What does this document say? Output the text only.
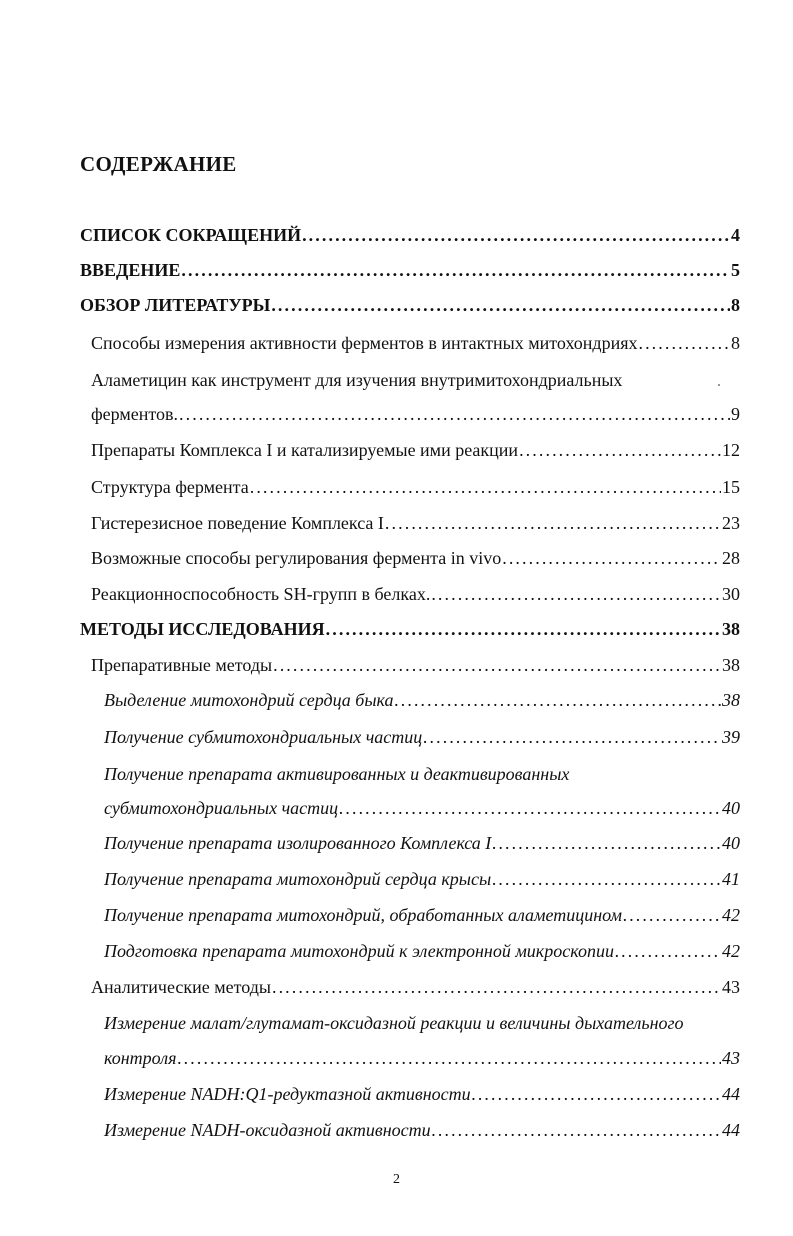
СОДЕРЖАНИЕ
СПИСОК СОКРАЩЕНИЙ . . .	4
ВВЕДЕНИЕ . . .	5
ОБЗОР ЛИТЕРАТУРЫ . . .	8
Способы измерения активности ферментов в интактных митохондриях . . .	8
Аламетицин как инструмент для изучения внутримитохондриальных
ферментов. . . .	9
Препараты Комплекса I и катализируемые ими реакции . . .	12
Структура фермента . . .	15
Гистерезисное поведение Комплекса I . . .	23
Возможные способы регулирования фермента in vivo . . .	28
Реакционноспособность SH-групп в белках. . . .	30
МЕТОДЫ ИССЛЕДОВАНИЯ . . .	38
Препаративные методы . . .	38
Выделение митохондрий сердца быка . . .	38
Получение субмитохондриальных частиц . . .	39
Получение препарата активированных и деактивированных
субмитохондриальных частиц . . .	40
Получение препарата изолированного Комплекса I . . .	40
Получение препарата митохондрий сердца крысы . . .	41
Получение препарата митохондрий, обработанных аламетицином . . .	42
Подготовка препарата митохондрий к электронной микроскопии . . .	42
Аналитические методы . . .	43
Измерение малат/глутамат-оксидазной реакции и величины дыхательного
контроля . . .	43
Измерение NADH:Q1-редуктазной активности . . .	44
Измерение NADH-оксидазной активности . . .	44
2
